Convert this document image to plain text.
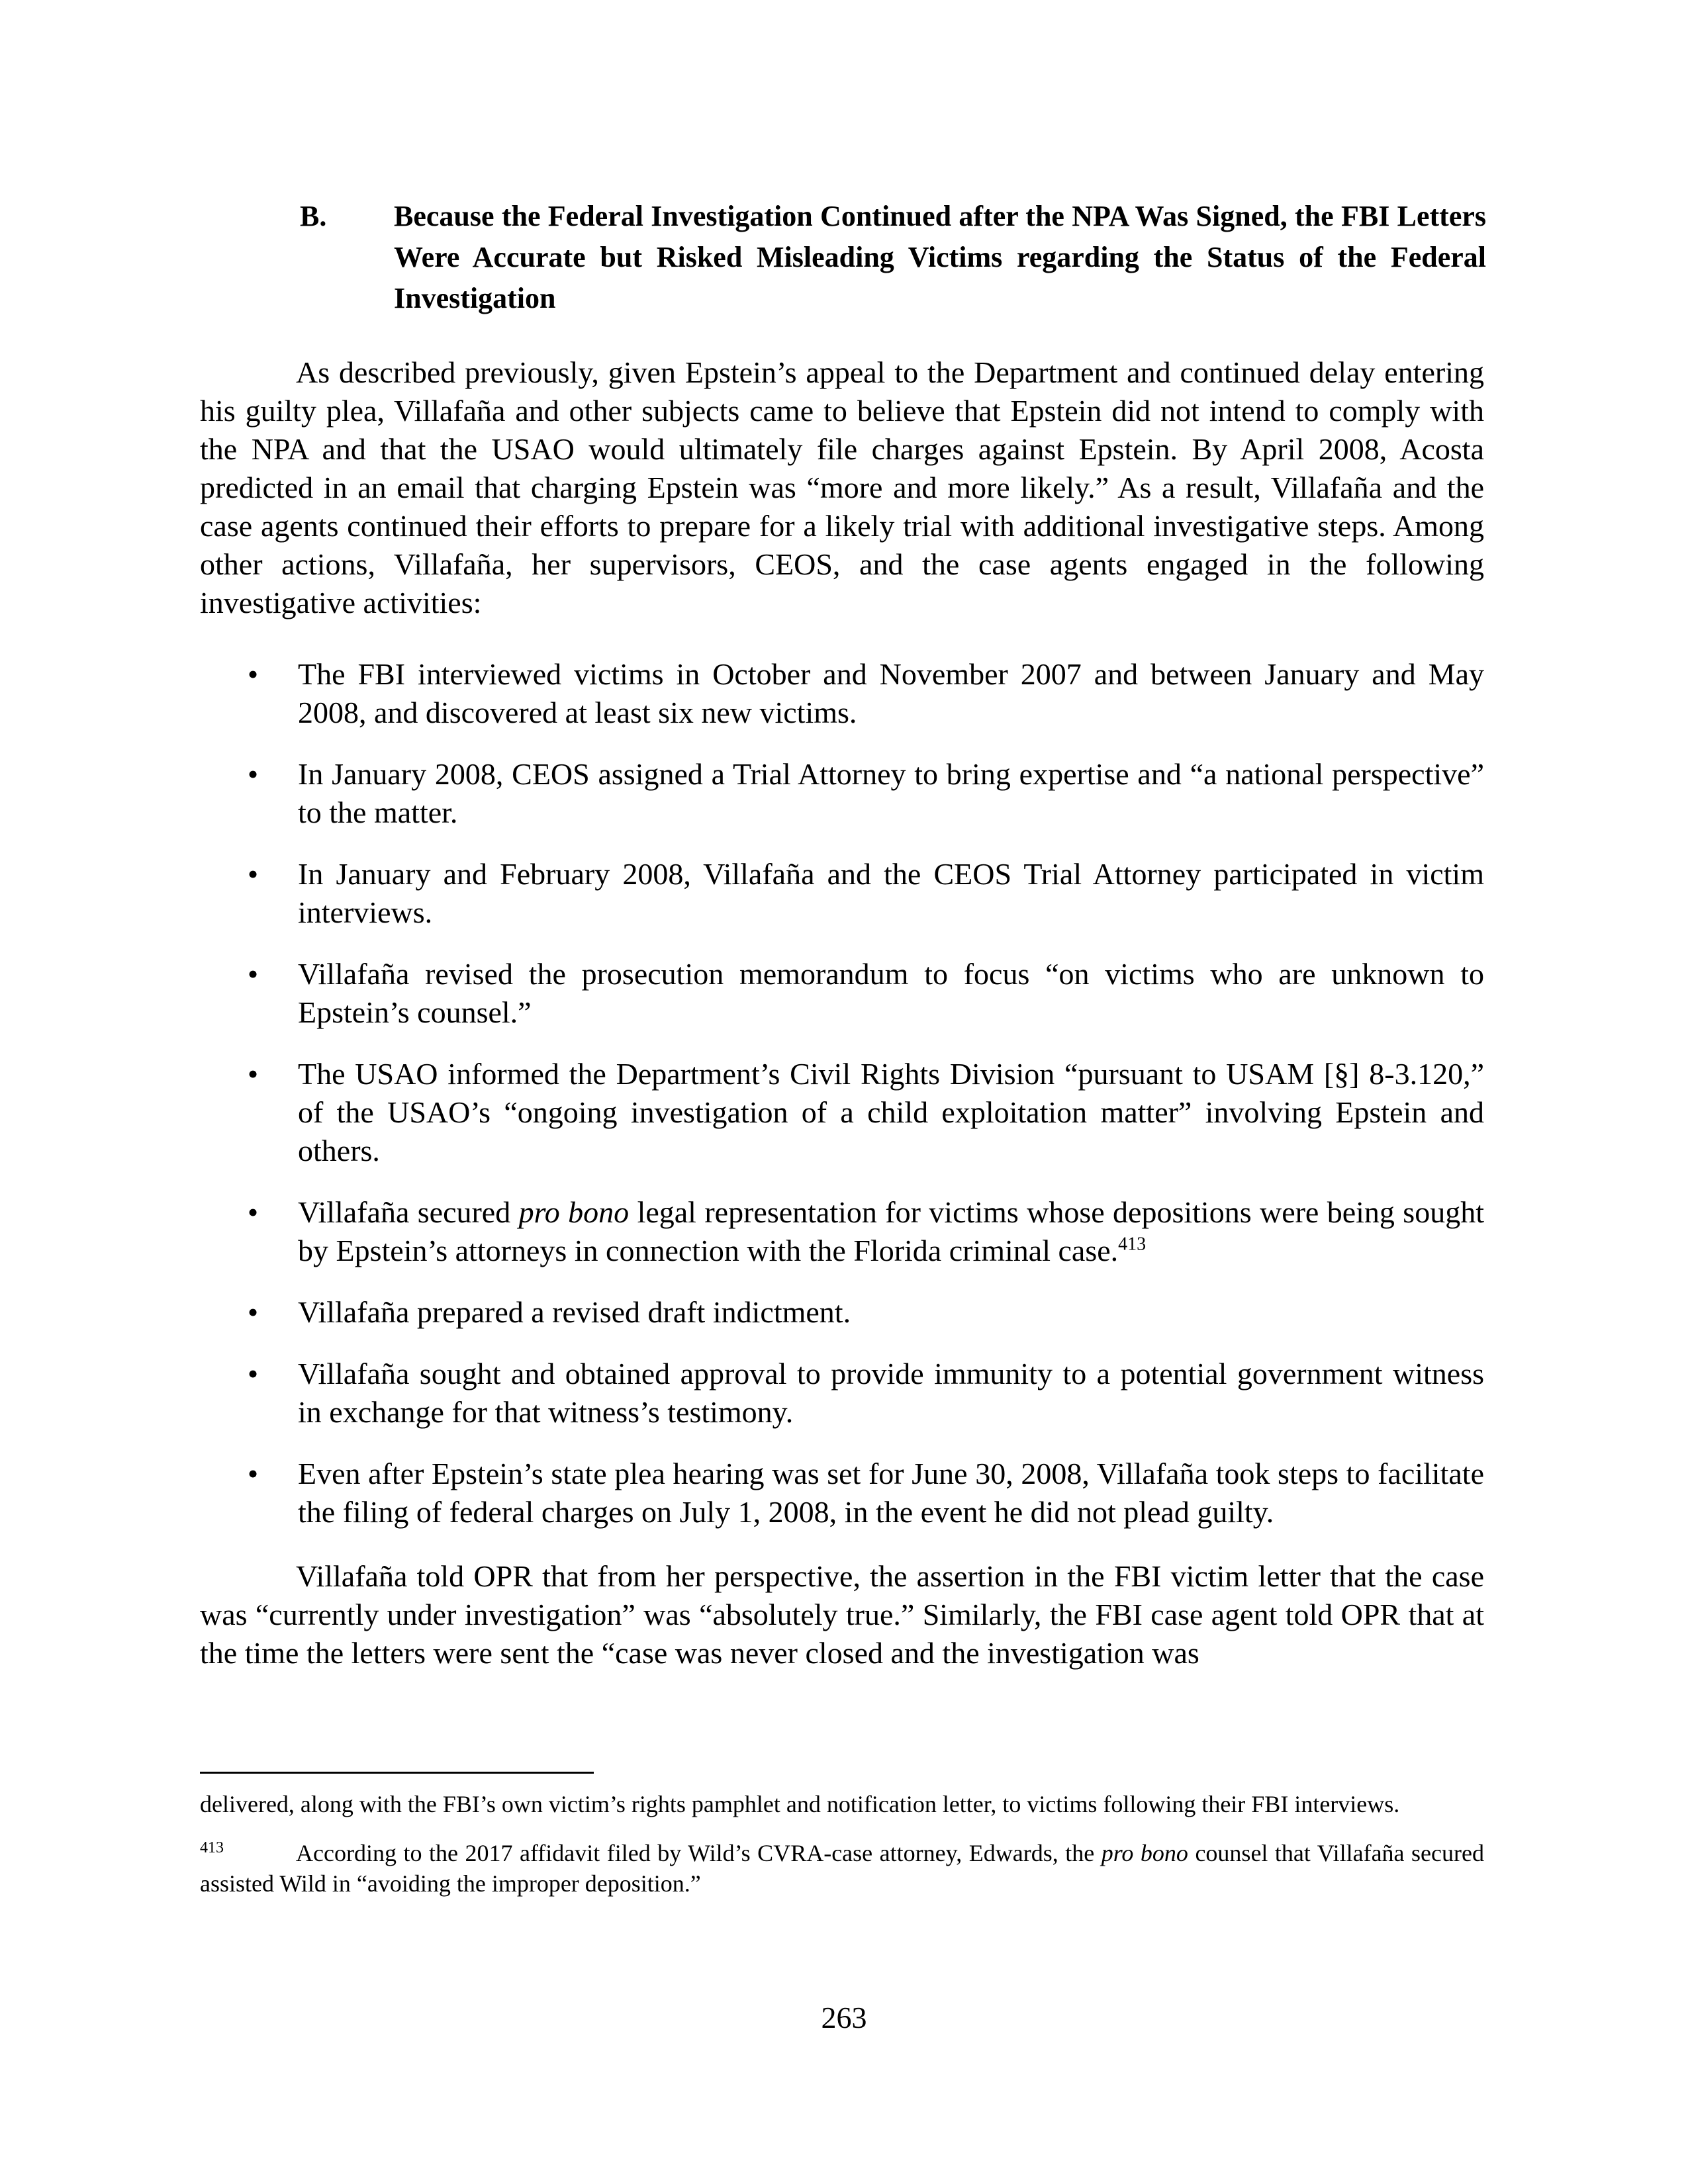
B. Because the Federal Investigation Continued after the NPA Was Signed, the FBI Letters Were Accurate but Risked Misleading Victims regarding the Status of the Federal Investigation

As described previously, given Epstein’s appeal to the Department and continued delay entering his guilty plea, Villafaña and other subjects came to believe that Epstein did not intend to comply with the NPA and that the USAO would ultimately file charges against Epstein. By April 2008, Acosta predicted in an email that charging Epstein was “more and more likely.” As a result, Villafaña and the case agents continued their efforts to prepare for a likely trial with additional investigative steps. Among other actions, Villafaña, her supervisors, CEOS, and the case agents engaged in the following investigative activities:

• The FBI interviewed victims in October and November 2007 and between January and May 2008, and discovered at least six new victims.
• In January 2008, CEOS assigned a Trial Attorney to bring expertise and “a national perspective” to the matter.
• In January and February 2008, Villafaña and the CEOS Trial Attorney participated in victim interviews.
• Villafaña revised the prosecution memorandum to focus “on victims who are unknown to Epstein’s counsel.”
• The USAO informed the Department’s Civil Rights Division “pursuant to USAM [§] 8-3.120,” of the USAO’s “ongoing investigation of a child exploitation matter” involving Epstein and others.
• Villafaña secured pro bono legal representation for victims whose depositions were being sought by Epstein’s attorneys in connection with the Florida criminal case.$^{413}$
• Villafaña prepared a revised draft indictment.
• Villafaña sought and obtained approval to provide immunity to a potential government witness in exchange for that witness’s testimony.
• Even after Epstein’s state plea hearing was set for June 30, 2008, Villafaña took steps to facilitate the filing of federal charges on July 1, 2008, in the event he did not plead guilty.

Villafaña told OPR that from her perspective, the assertion in the FBI victim letter that the case was “currently under investigation” was “absolutely true.” Similarly, the FBI case agent told OPR that at the time the letters were sent the “case was never closed and the investigation was

delivered, along with the FBI’s own victim’s rights pamphlet and notification letter, to victims following their FBI interviews.

413	According to the 2017 affidavit filed by Wild’s CVRA-case attorney, Edwards, the pro bono counsel that Villafaña secured assisted Wild in “avoiding the improper deposition.”

263
